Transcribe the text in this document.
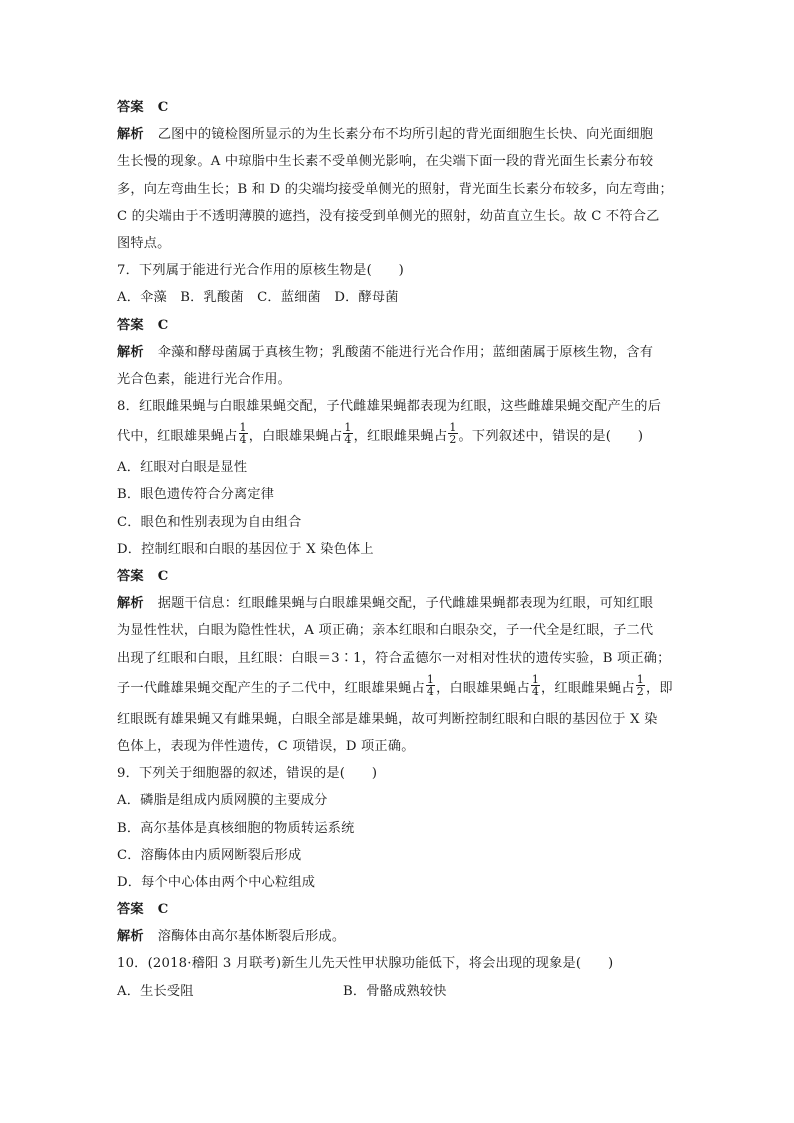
答案 C
解析 乙图中的镜检图所显示的为生长素分布不均所引起的背光面细胞生长快、向光面细胞
生长慢的现象。A 中琼脂中生长素不受单侧光影响，在尖端下面一段的背光面生长素分布较
多，向左弯曲生长；B 和 D 的尖端均接受单侧光的照射，背光面生长素分布较多，向左弯曲；
C 的尖端由于不透明薄膜的遮挡，没有接受到单侧光的照射，幼苗直立生长。故 C 不符合乙
图特点。
7．下列属于能进行光合作用的原核生物是(　　)
A．伞藻　B．乳酸菌　C．蓝细菌　D．酵母菌
答案 C
解析 伞藻和酵母菌属于真核生物；乳酸菌不能进行光合作用；蓝细菌属于原核生物，含有
光合色素，能进行光合作用。
8．红眼雌果蝇与白眼雄果蝇交配，子代雌雄果蝇都表现为红眼，这些雌雄果蝇交配产生的后
代中，红眼雄果蝇占 $\frac{1}{4}$ ，白眼雄果蝇占 $\frac{1}{4}$ ，红眼雌果蝇占 $\frac{1}{2}$ 。下列叙述中，错误的是(　　)
A．红眼对白眼是显性
B．眼色遗传符合分离定律
C．眼色和性别表现为自由组合
D．控制红眼和白眼的基因位于 X 染色体上
答案 C
解析 据题干信息：红眼雌果蝇与白眼雄果蝇交配，子代雌雄果蝇都表现为红眼，可知红眼
为显性性状，白眼为隐性性状，A 项正确；亲本红眼和白眼杂交，子一代全是红眼，子二代
出现了红眼和白眼，且红眼：白眼＝3∶1，符合孟德尔一对相对性状的遗传实验，B 项正确；
子一代雌雄果蝇交配产生的子二代中，红眼雄果蝇占 $\frac{1}{4}$ ，白眼雄果蝇占 $\frac{1}{4}$ ，红眼雌果蝇占 $\frac{1}{2}$ ，即
红眼既有雄果蝇又有雌果蝇，白眼全部是雄果蝇，故可判断控制红眼和白眼的基因位于 X 染
色体上，表现为伴性遗传，C 项错误，D 项正确。
9．下列关于细胞器的叙述，错误的是(　　)
A．磷脂是组成内质网膜的主要成分
B．高尔基体是真核细胞的物质转运系统
C．溶酶体由内质网断裂后形成
D．每个中心体由两个中心粒组成
答案 C
解析 溶酶体由高尔基体断裂后形成。
10．(2018·稽阳 3 月联考)新生儿先天性甲状腺功能低下，将会出现的现象是(　　)
A．生长受阻	B．骨骼成熟较快
